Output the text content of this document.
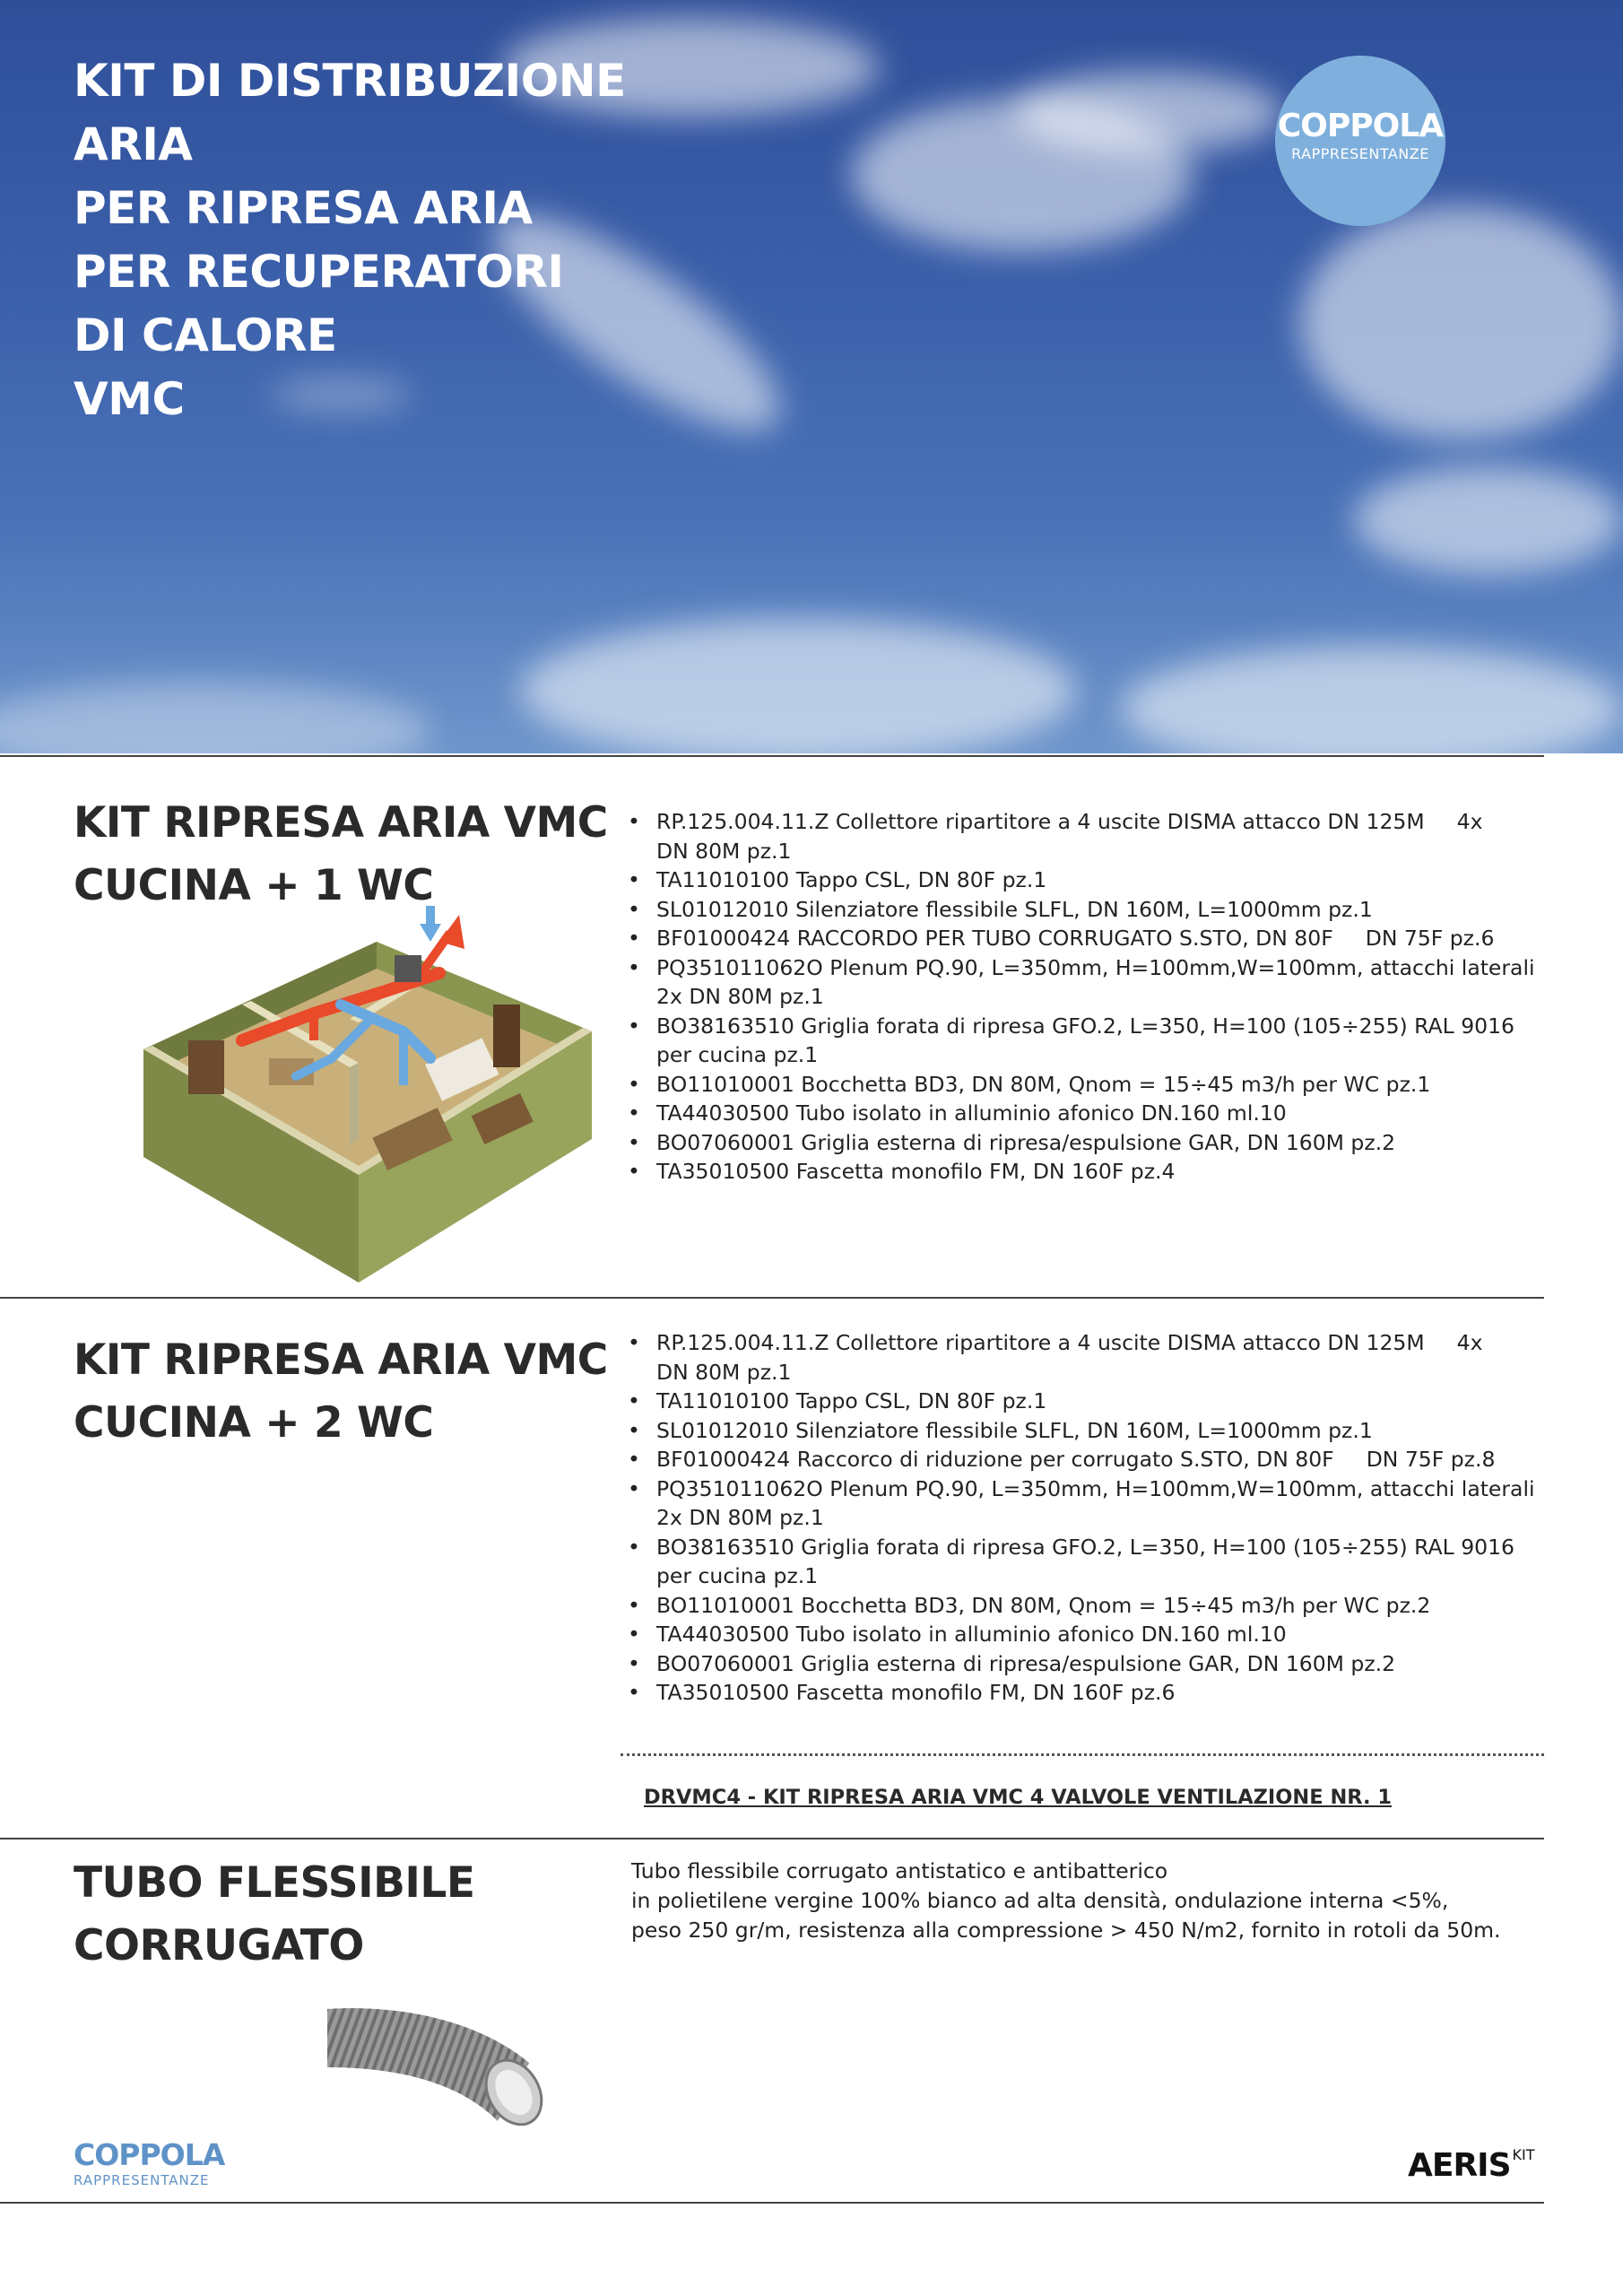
KIT DI DISTRIBUZIONE
ARIA
PER RIPRESA ARIA
PER RECUPERATORI
DI CALORE
VMC
COPPOLA
RAPPRESENTANZE
KIT RIPRESA ARIA VMC
CUCINA + 1 WC
• RP.125.004.11.Z Collettore ripartitore a 4 uscite DISMA attacco DN 125M 4x
DN 80M pz.1
• TA11010100 Tappo CSL, DN 80F pz.1
• SL01012010 Silenziatore flessibile SLFL, DN 160M, L=1000mm pz.1
• BF01000424 RACCORDO PER TUBO CORRUGATO S.STO, DN 80F DN 75F pz.6
• PQ351011062O Plenum PQ.90, L=350mm, H=100mm,W=100mm, attacchi laterali 2x DN 80M pz.1
• BO38163510 Griglia forata di ripresa GFO.2, L=350, H=100 (105÷255) RAL 9016 per cucina pz.1
• BO11010001 Bocchetta BD3, DN 80M, Qnom = 15÷45 m3/h per WC pz.1
• TA44030500 Tubo isolato in alluminio afonico DN.160 ml.10
• BO07060001 Griglia esterna di ripresa/espulsione GAR, DN 160M pz.2
• TA35010500 Fascetta monofilo FM, DN 160F pz.4
KIT RIPRESA ARIA VMC
CUCINA + 2 WC
• RP.125.004.11.Z Collettore ripartitore a 4 uscite DISMA attacco DN 125M 4x
DN 80M pz.1
• TA11010100 Tappo CSL, DN 80F pz.1
• SL01012010 Silenziatore flessibile SLFL, DN 160M, L=1000mm pz.1
• BF01000424 Raccorco di riduzione per corrugato S.STO, DN 80F DN 75F pz.8
• PQ351011062O Plenum PQ.90, L=350mm, H=100mm,W=100mm, attacchi laterali 2x DN 80M pz.1
• BO38163510 Griglia forata di ripresa GFO.2, L=350, H=100 (105÷255) RAL 9016 per cucina pz.1
• BO11010001 Bocchetta BD3, DN 80M, Qnom = 15÷45 m3/h per WC pz.2
• TA44030500 Tubo isolato in alluminio afonico DN.160 ml.10
• BO07060001 Griglia esterna di ripresa/espulsione GAR, DN 160M pz.2
• TA35010500 Fascetta monofilo FM, DN 160F pz.6
DRVMC4 - KIT RIPRESA ARIA VMC 4 VALVOLE VENTILAZIONE NR. 1
TUBO FLESSIBILE
CORRUGATO
Tubo flessibile corrugato antistatico e antibatterico
in polietilene vergine 100% bianco ad alta densità, ondulazione interna <5%,
peso 250 gr/m, resistenza alla compressione > 450 N/m2, fornito in rotoli da 50m.
COPPOLA
RAPPRESENTANZE	AERIS $^{KIT}$
